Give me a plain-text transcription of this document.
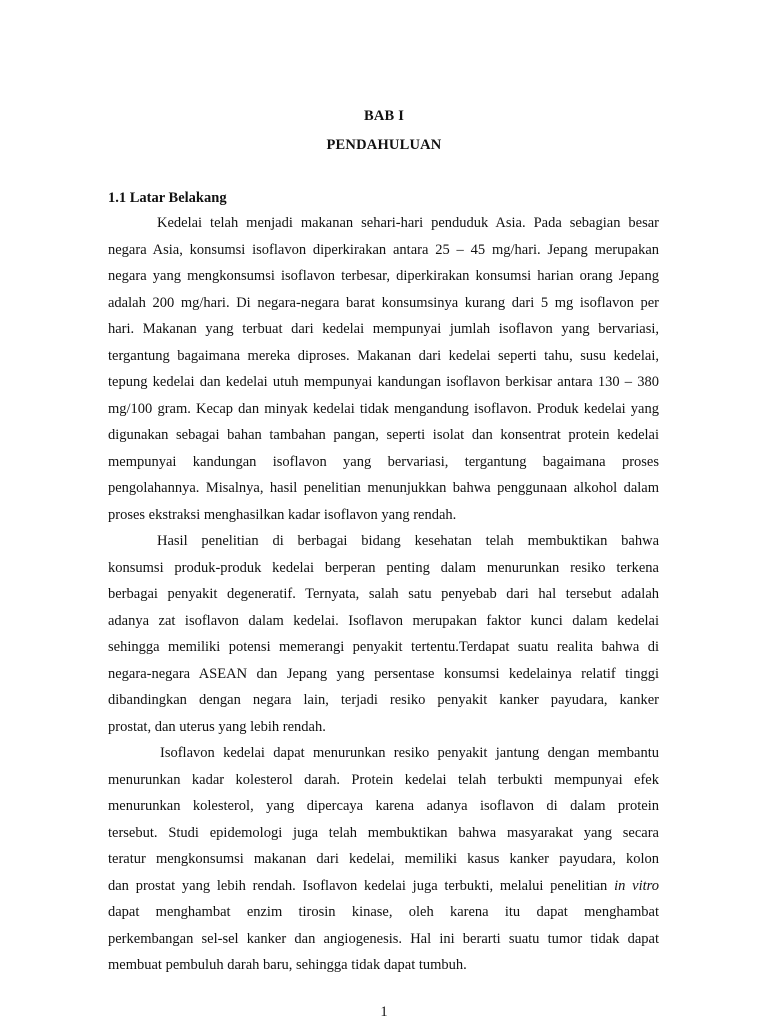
BAB I
PENDAHULUAN
1.1 Latar Belakang
Kedelai telah menjadi makanan sehari-hari penduduk Asia. Pada sebagian besar
negara Asia, konsumsi isoflavon diperkirakan antara 25 – 45 mg/hari. Jepang merupakan
negara yang mengkonsumsi isoflavon terbesar, diperkirakan konsumsi harian orang Jepang
adalah 200 mg/hari. Di negara-negara barat konsumsinya kurang dari 5 mg isoflavon per
hari. Makanan yang terbuat dari kedelai mempunyai jumlah isoflavon yang bervariasi,
tergantung bagaimana mereka diproses. Makanan dari kedelai seperti tahu, susu kedelai,
tepung kedelai dan kedelai utuh mempunyai kandungan isoflavon berkisar antara 130 – 380
mg/100 gram. Kecap dan minyak kedelai tidak mengandung isoflavon. Produk kedelai yang
digunakan sebagai bahan tambahan pangan, seperti isolat dan konsentrat protein kedelai
mempunyai kandungan isoflavon yang bervariasi, tergantung bagaimana proses
pengolahannya. Misalnya, hasil penelitian menunjukkan bahwa penggunaan alkohol dalam
proses ekstraksi menghasilkan kadar isoflavon yang rendah.
Hasil penelitian di berbagai bidang kesehatan telah membuktikan bahwa
konsumsi produk-produk kedelai berperan penting dalam menurunkan resiko terkena
berbagai penyakit degeneratif. Ternyata, salah satu penyebab dari hal tersebut adalah
adanya zat isoflavon dalam kedelai. Isoflavon merupakan faktor kunci dalam kedelai
sehingga memiliki potensi memerangi penyakit tertentu.Terdapat suatu realita bahwa di
negara-negara ASEAN dan Jepang yang persentase konsumsi kedelainya relatif tinggi
dibandingkan dengan negara lain, terjadi resiko penyakit kanker payudara, kanker
prostat, dan uterus yang lebih rendah.
Isoflavon kedelai dapat menurunkan resiko penyakit jantung dengan membantu
menurunkan kadar kolesterol darah. Protein kedelai telah terbukti mempunyai efek
menurunkan kolesterol, yang dipercaya karena adanya isoflavon di dalam protein
tersebut. Studi epidemologi juga telah membuktikan bahwa masyarakat yang secara
teratur mengkonsumsi makanan dari kedelai, memiliki kasus kanker payudara, kolon
dan prostat yang lebih rendah. Isoflavon kedelai juga terbukti, melalui penelitian in vitro
dapat menghambat enzim tirosin kinase, oleh karena itu dapat menghambat
perkembangan sel-sel kanker dan angiogenesis. Hal ini berarti suatu tumor tidak dapat
membuat pembuluh darah baru, sehingga tidak dapat tumbuh.
1
